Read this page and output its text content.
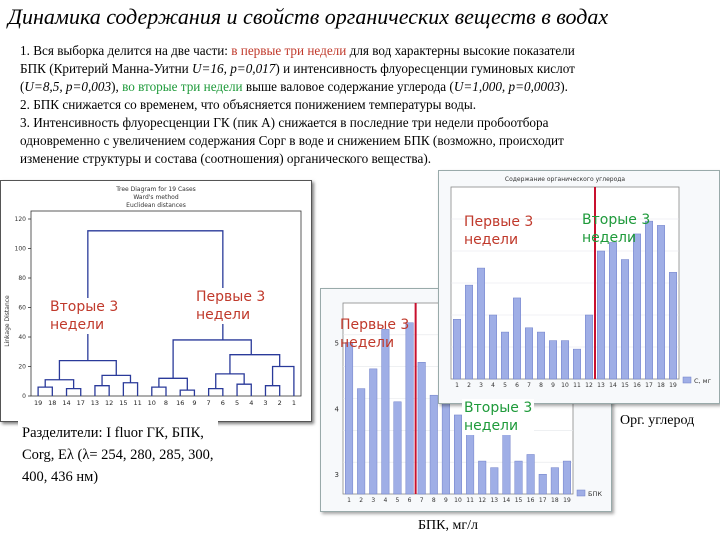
Динамика содержания и свойств органических веществ в водах
1. Вся выборка делится на две части: в первые три недели для вод характерны высокие показатели
БПК (Критерий Манна-Уитни U=16, p=0,017) и интенсивность флуоресценции гуминовых кислот
(U=8,5, p=0,003), во вторые три недели выше валовое содержание углерода (U=1,000, p=0,0003).
2. БПК снижается со временем, что объясняется понижением температуры воды.
3. Интенсивность флуоресценции ГК (пик А) снижается в последние три недели пробоотбора
одновременно с увеличением содержания Сорг в воде и снижением БПК (возможно, происходит
изменение структуры и состава (соотношения) органического вещества).
Tree Diagram for 19 Cases
Ward's method
Euclidean distances
Linkage Distance
120
100
80
60
40
20
0
19 18 14 17 13 12 15 11 10 8 16 9 7 6 5 4 3 2 1
Вторые 3
недели
Первые 3
недели
5
4
3
1 2 3 4 5 6 7 8 9 10 11 12 13 14 15 16 17 18 19
БПК
Содержание органического углерода
1 2 3 4 5 6 7 8 9 10 11 12 13 14 15 16 17 18 19
C, мг
Первые 3
недели
Вторые 3
недели
Первые 3
недели
Вторые 3
недели	Орг. углерод
БПК, мг/л
Разделители: I fluor ГК, БПК,
Corg, Eλ (λ= 254, 280, 285, 300,
400, 436 нм)
